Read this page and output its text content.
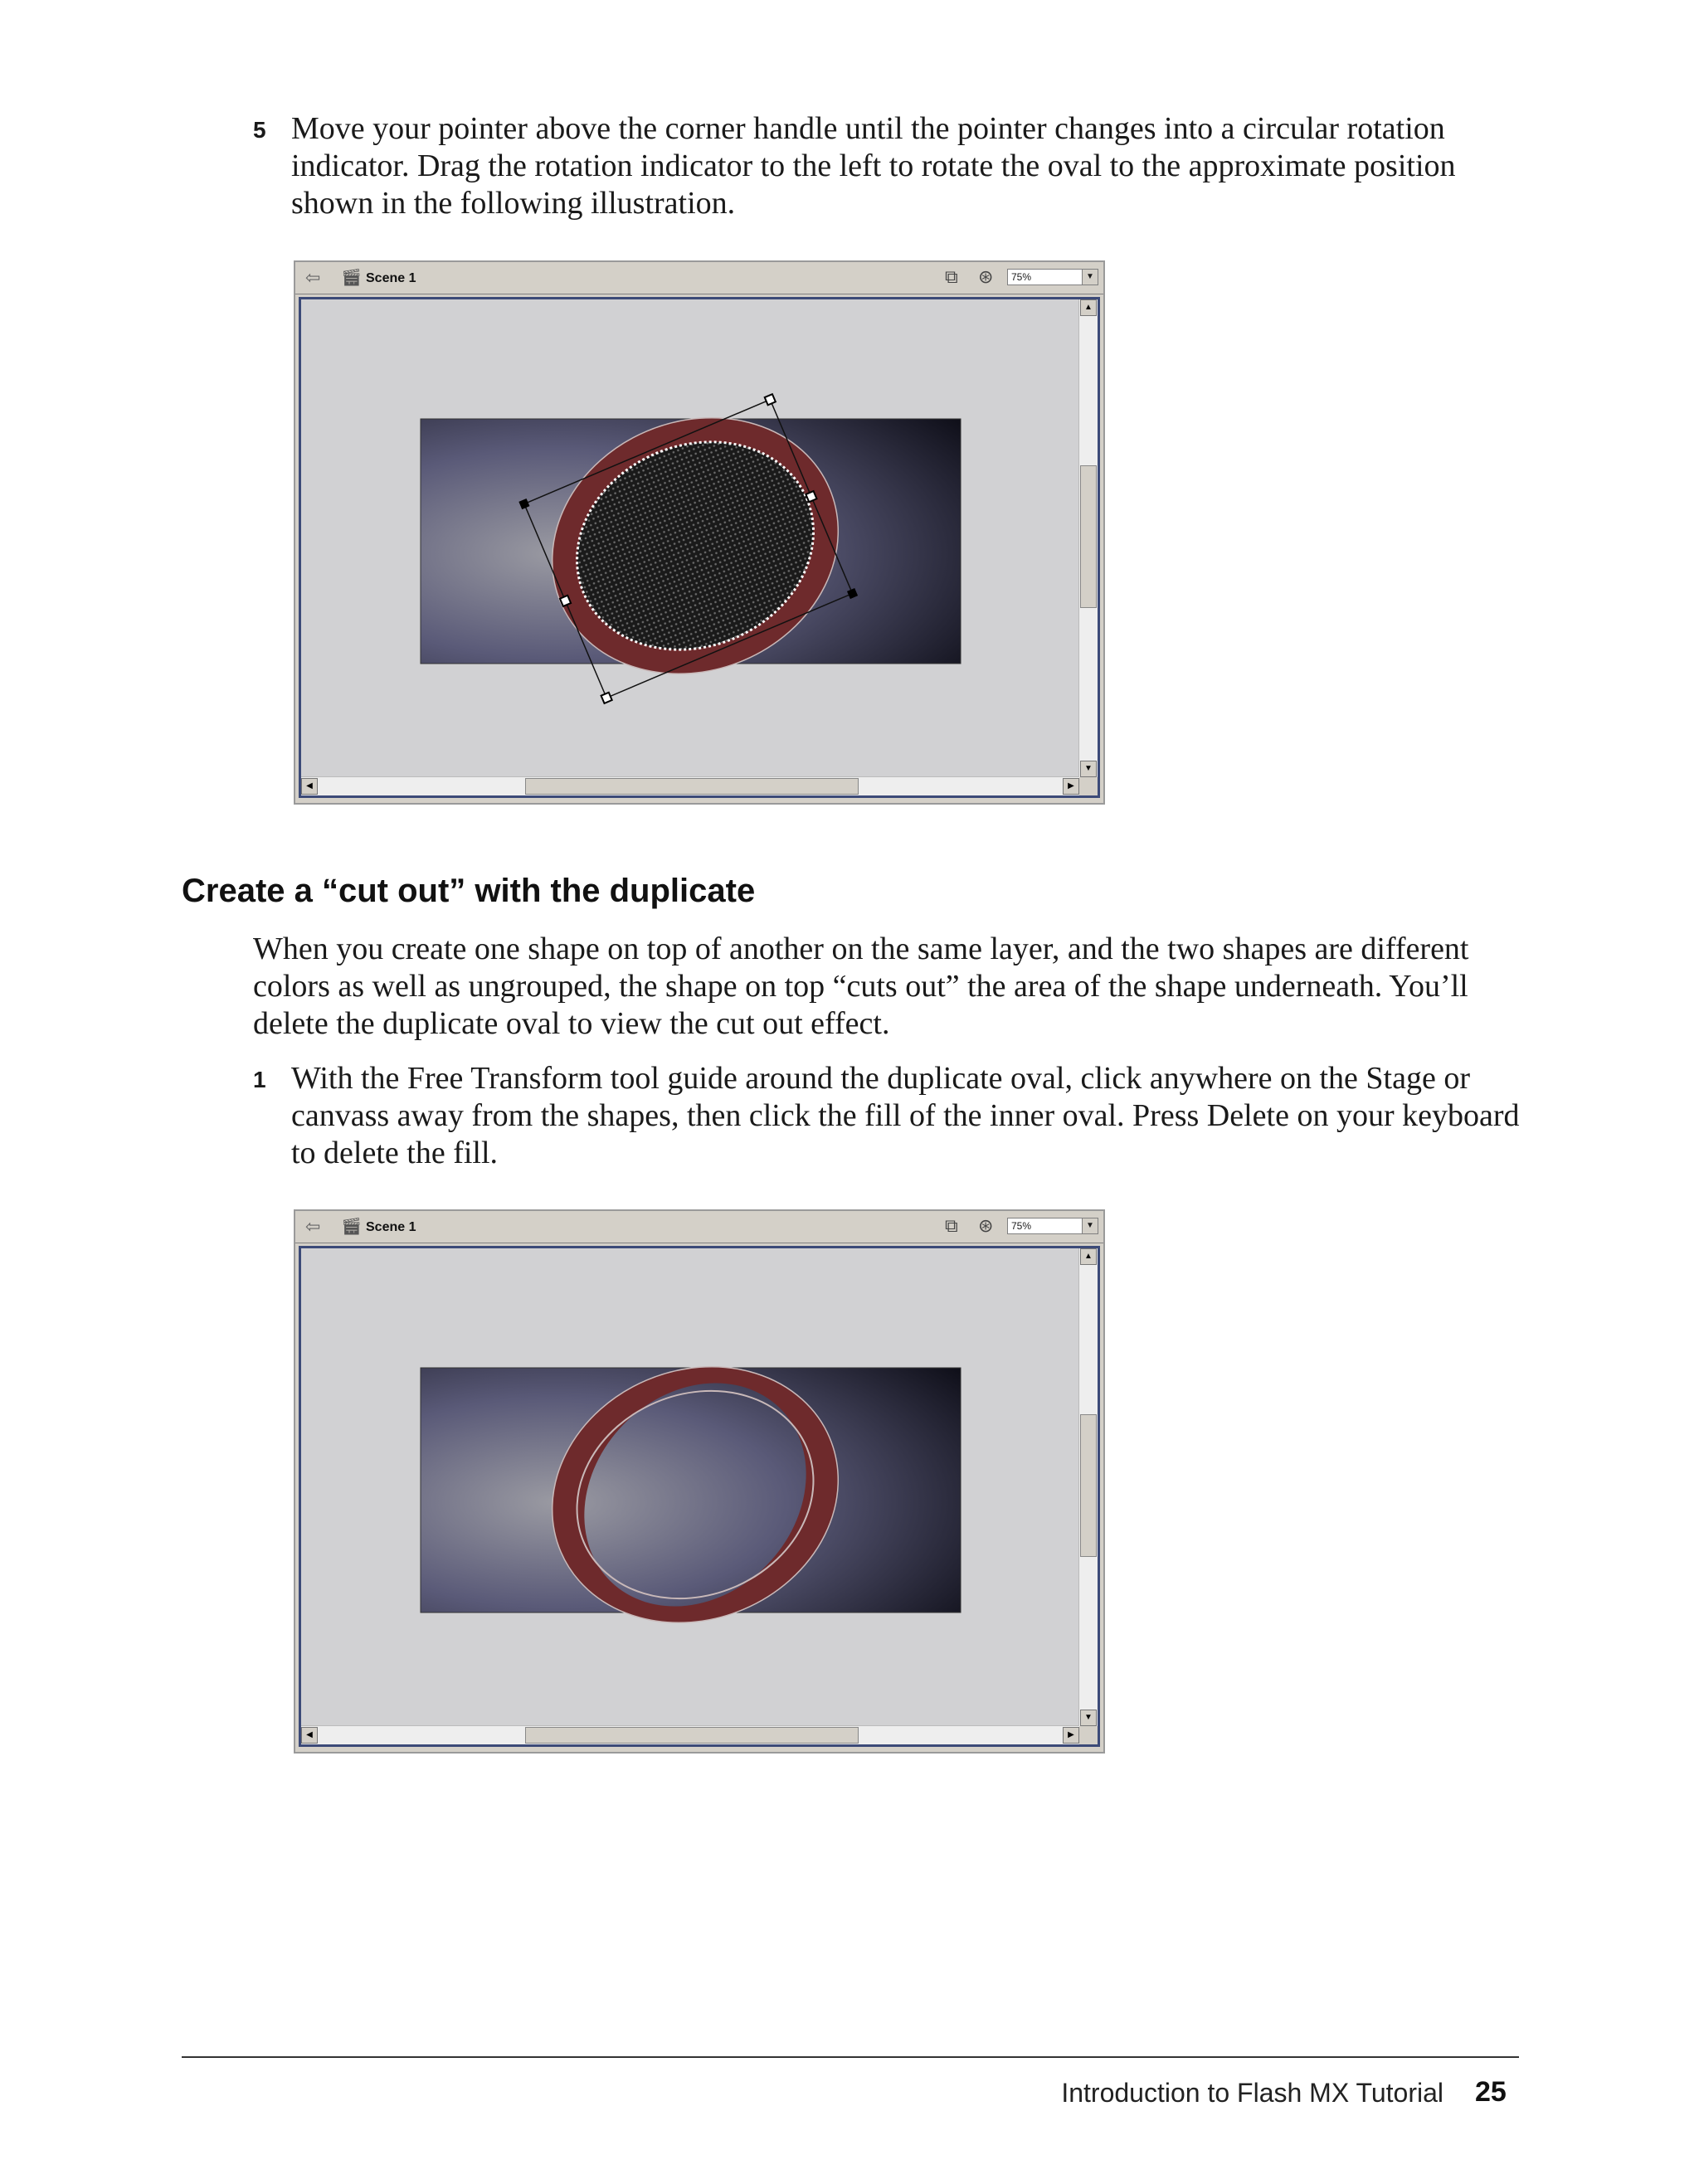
5 Move your pointer above the corner handle until the pointer changes into a circular rotation indicator. Drag the rotation indicator to the left to rotate the oval to the approximate position shown in the following illustration.
⇦ 🎬︎ Scene 1	⧉ ⊛	75%	▼
▲
▼
◀	▶
Create a “cut out” with the duplicate

When you create one shape on top of another on the same layer, and the two shapes are different colors as well as ungrouped, the shape on top “cuts out” the area of the shape underneath. You’ll delete the duplicate oval to view the cut out effect.

1 With the Free Transform tool guide around the duplicate oval, click anywhere on the Stage or canvass away from the shapes, then click the fill of the inner oval. Press Delete on your keyboard to delete the fill.
⇦ 🎬︎ Scene 1	⧉ ⊛	75%	▼
▲
▼
◀	▶
Introduction to Flash MX Tutorial 25
